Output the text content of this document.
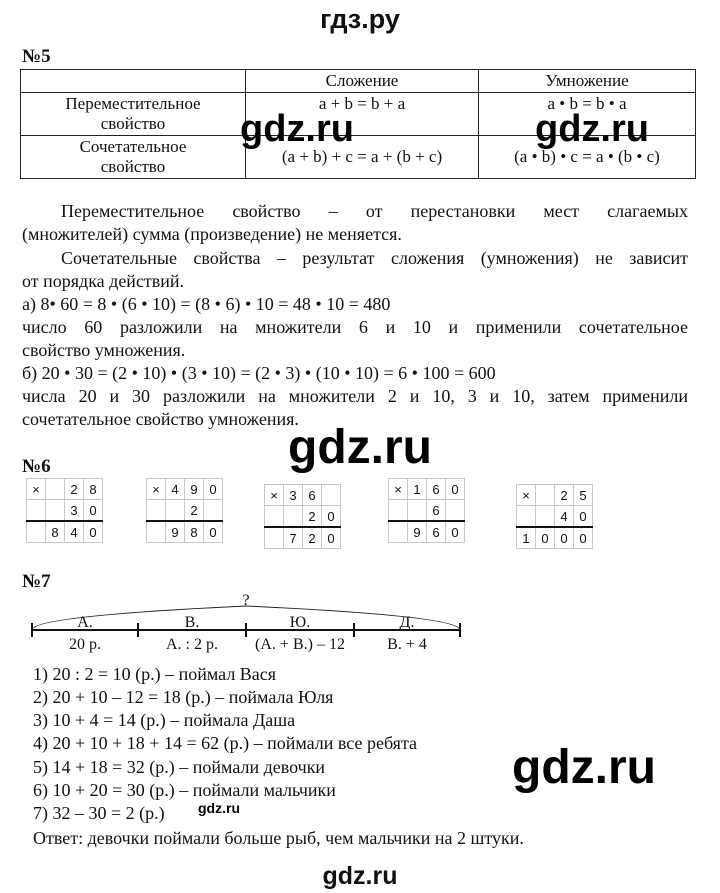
гдз.ру
№5
	Сложение	Умножение
Переместительное
свойство	a + b = b + a	a • b = b • a
Сочетательное
свойство	(a + b) + c = a + (b + c)	(a • b) • c = a • (b • c)
gdz.ru	gdz.ru
Переместительное свойство – от перестановки мест слагаемых
(множителей) сумма (произведение) не меняется.
Сочетательные свойства – результат сложения (умножения) не зависит
от порядка действий.
а) 8• 60 = 8 • (6 • 10) = (8 • 6) • 10 = 48 • 10 = 480
число 60 разложили на множители 6 и 10 и применили сочетательное
свойство умножения.
б) 20 • 30 = (2 • 10) • (3 • 10) = (2 • 3) • (10 • 10) = 6 • 100 = 600
числа 20 и 30 разложили на множители 2 и 10, 3 и 10, затем применили
сочетательное свойство умножения.
gdz.ru
№6
×		2	8
		3	0
	8	4	0
×	4	9	0
		2	
	9	8	0
×	3	6	
		2	0
	7	2	0
×	1	6	0
		6	
	9	6	0
×		2	5
		4	0
1	0	0	0
№7
?
А.	В.	Ю.	Д.
20 р.	А. : 2 р.	(А. + В.) – 12	В. + 4
1) 20 : 2 = 10 (р.) – поймал Вася
2) 20 + 10 – 12 = 18 (р.) – поймала Юля
3) 10 + 4 = 14 (р.) – поймала Даша
4) 20 + 10 + 18 + 14 = 62 (р.) – поймали все ребята
5) 14 + 18 = 32 (р.) – поймали девочки
6) 10 + 20 = 30 (р.) – поймали мальчики
7) 32 – 30 = 2 (р.) gdz.ru
Ответ: девочки поймали больше рыб, чем мальчики на 2 штуки.
gdz.ru
gdz.ru
